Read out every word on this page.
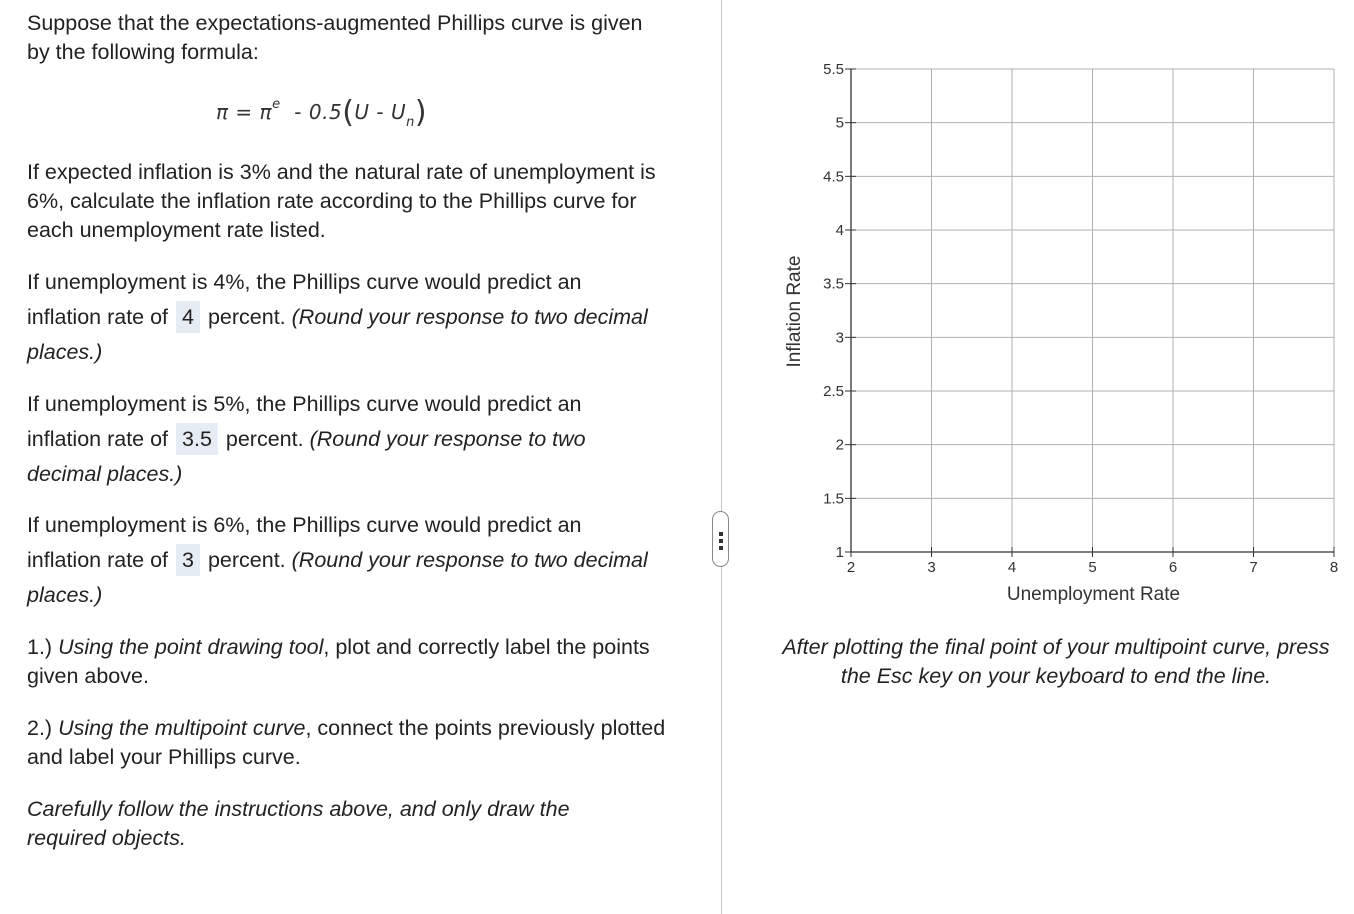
Suppose that the expectations-augmented Phillips curve is given by the following formula:

$\pi = \pi^e - 0.5(U - U_n)$

If expected inflation is 3% and the natural rate of unemployment is 6%, calculate the inflation rate according to the Phillips curve for each unemployment rate listed.

If unemployment is 4%, the Phillips curve would predict an inflation rate of 4 percent. (Round your response to two decimal places.)

If unemployment is 5%, the Phillips curve would predict an inflation rate of 3.5 percent. (Round your response to two decimal places.)

If unemployment is 6%, the Phillips curve would predict an inflation rate of 3 percent. (Round your response to two decimal places.)

1.) Using the point drawing tool, plot and correctly label the points given above.

2.) Using the multipoint curve, connect the points previously plotted and label your Phillips curve.

Carefully follow the instructions above, and only draw the required objects.

2	3	4	5	6	7	8
1
1.5
2
2.5
3
3.5
4
4.5
5
5.5
Unemployment Rate
Inflation Rate

After plotting the final point of your multipoint curve, press the Esc key on your keyboard to end the line.
